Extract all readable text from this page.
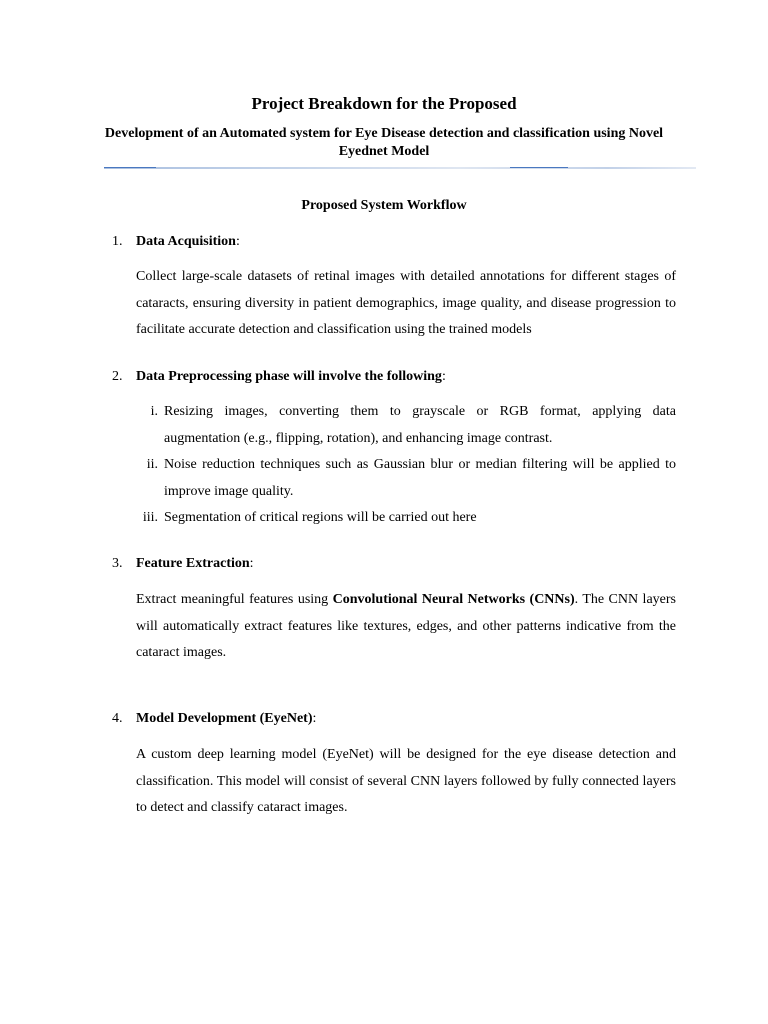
Project Breakdown for the Proposed
Development of an Automated system for Eye Disease detection and classification using Novel Eyednet Model
Proposed System Workflow
1. Data Acquisition:
Collect large-scale datasets of retinal images with detailed annotations for different stages of cataracts, ensuring diversity in patient demographics, image quality, and disease progression to facilitate accurate detection and classification using the trained models
2. Data Preprocessing phase will involve the following:
i. Resizing images, converting them to grayscale or RGB format, applying data augmentation (e.g., flipping, rotation), and enhancing image contrast.
ii. Noise reduction techniques such as Gaussian blur or median filtering will be applied to improve image quality.
iii. Segmentation of critical regions will be carried out here
3. Feature Extraction:
Extract meaningful features using Convolutional Neural Networks (CNNs). The CNN layers will automatically extract features like textures, edges, and other patterns indicative from the cataract images.
4. Model Development (EyeNet):
A custom deep learning model (EyeNet) will be designed for the eye disease detection and classification. This model will consist of several CNN layers followed by fully connected layers to detect and classify cataract images.
